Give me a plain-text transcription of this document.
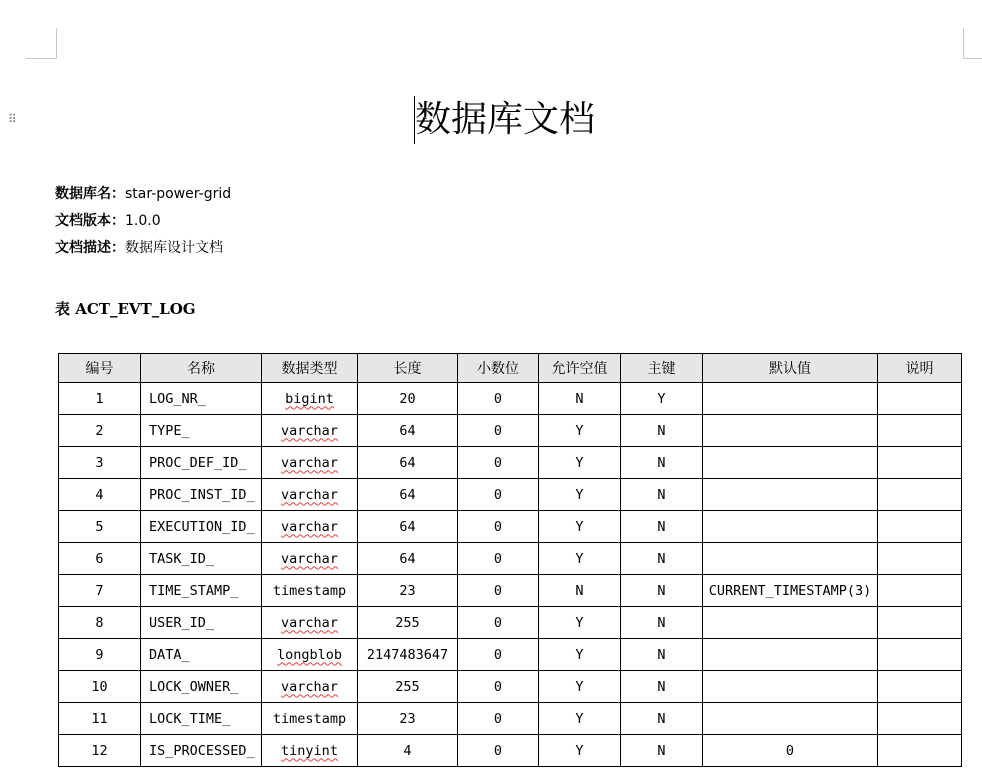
⠿	数据库文档
数据库名：star-power-grid
文档版本：1.0.0
文档描述：数据库设计文档
表 ACT_EVT_LOG
编号	名称	数据类型	长度	小数位	允许空值	主键	默认值	说明
1	LOG_NR_	bigint	20	0	N	Y		
2	TYPE_	varchar	64	0	Y	N		
3	PROC_DEF_ID_	varchar	64	0	Y	N		
4	PROC_INST_ID_	varchar	64	0	Y	N		
5	EXECUTION_ID_	varchar	64	0	Y	N		
6	TASK_ID_	varchar	64	0	Y	N		
7	TIME_STAMP_	timestamp	23	0	N	N	CURRENT_TIMESTAMP(3)	
8	USER_ID_	varchar	255	0	Y	N		
9	DATA_	longblob	2147483647	0	Y	N		
10	LOCK_OWNER_	varchar	255	0	Y	N		
11	LOCK_TIME_	timestamp	23	0	Y	N		
12	IS_PROCESSED_	tinyint	4	0	Y	N	0	
